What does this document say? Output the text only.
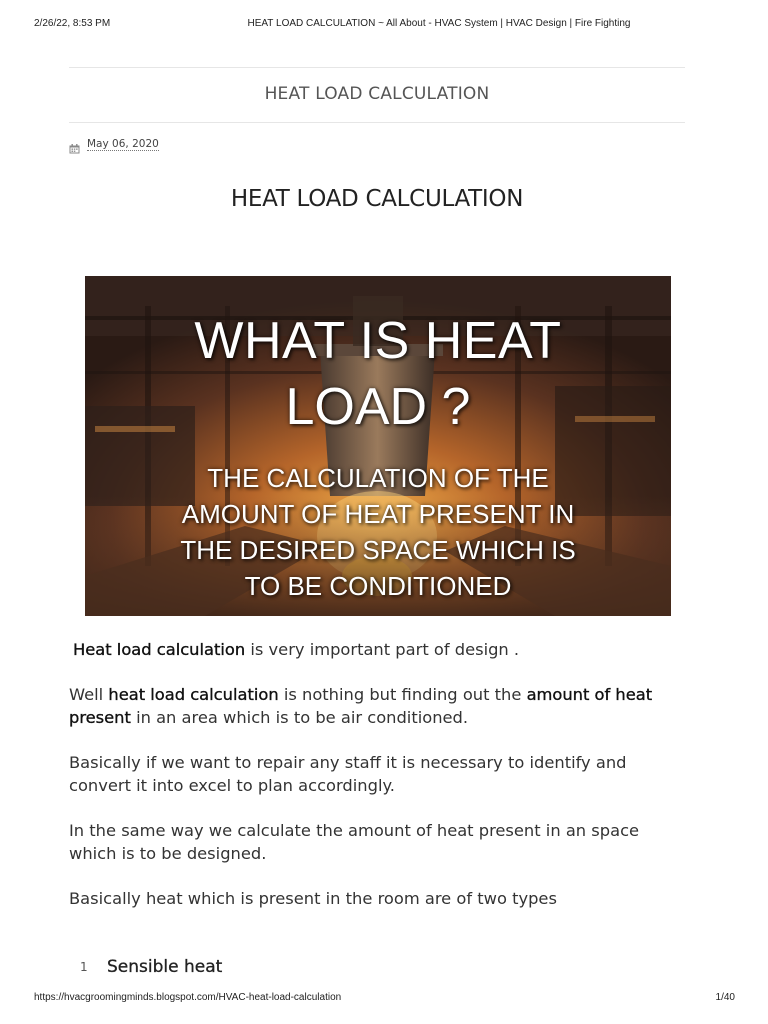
2/26/22, 8:53 PM	HEAT LOAD CALCULATION ~ All About - HVAC System | HVAC Design | Fire Fighting
HEAT LOAD CALCULATION
May 06, 2020
HEAT LOAD CALCULATION
WHAT IS HEAT
LOAD ?
THE CALCULATION OF THE
AMOUNT OF HEAT PRESENT IN
THE DESIRED SPACE WHICH IS
TO BE CONDITIONED

Heat load calculation is very important part of design .

Well heat load calculation is nothing but finding out the amount of heat present in an area which is to be air conditioned.

Basically if we want to repair any staff it is necessary to identify and convert it into excel to plan accordingly.

In the same way we calculate the amount of heat present in an space which is to be designed.

Basically heat which is present in the room are of two types

1	Sensible heat
https://hvacgroomingminds.blogspot.com/HVAC-heat-load-calculation	1/40
